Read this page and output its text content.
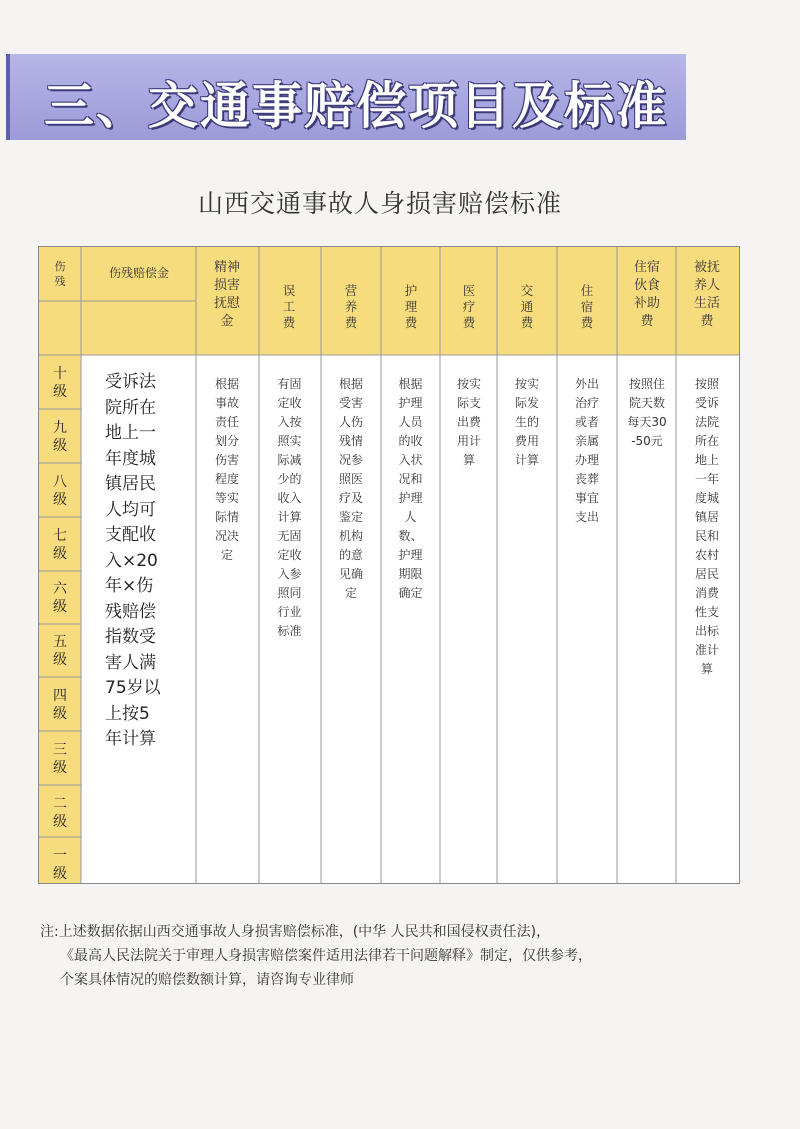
三、交通事赔偿项目及标准
山西交通事故人身损害赔偿标准
伤残
伤残赔偿金	精神损害抚慰金
误工费
营养费
护理费
医疗费
交通费
住宿费
住宿伙食补助费
被抚养人生活费
十级
九级
八级
七级
六级
五级
四级
三级
二级
一级
受诉法院所在地上一年度城镇居民人均可支配收入×20年×伤残赔偿指数受害人满75岁以上按5年计算
根据事故责任划分伤害程度等实际情况决定
有固定收入按照实际减少的收入计算无固定收入参照同行业标准
根据受害人伤残情况参照医疗及鉴定机构的意见确定
根据护理人员的收入状况和护理人数、护理期限确定
按实际支出费用计算
按实际发生的费用计算
外出治疗或者亲属办理丧葬事宜支出
按照住院天数每天30-50元
按照受诉法院所在地上一年度城镇居民和农村居民消费性支出标准计算
注:上述数据依据山西交通事故人身损害赔偿标准，(中华 人民共和国侵权责任法)，
《最高人民法院关于审理人身损害赔偿案件适用法律若干问题解释》制定，仅供参考，
个案具体情况的赔偿数额计算，请咨询专业律师
